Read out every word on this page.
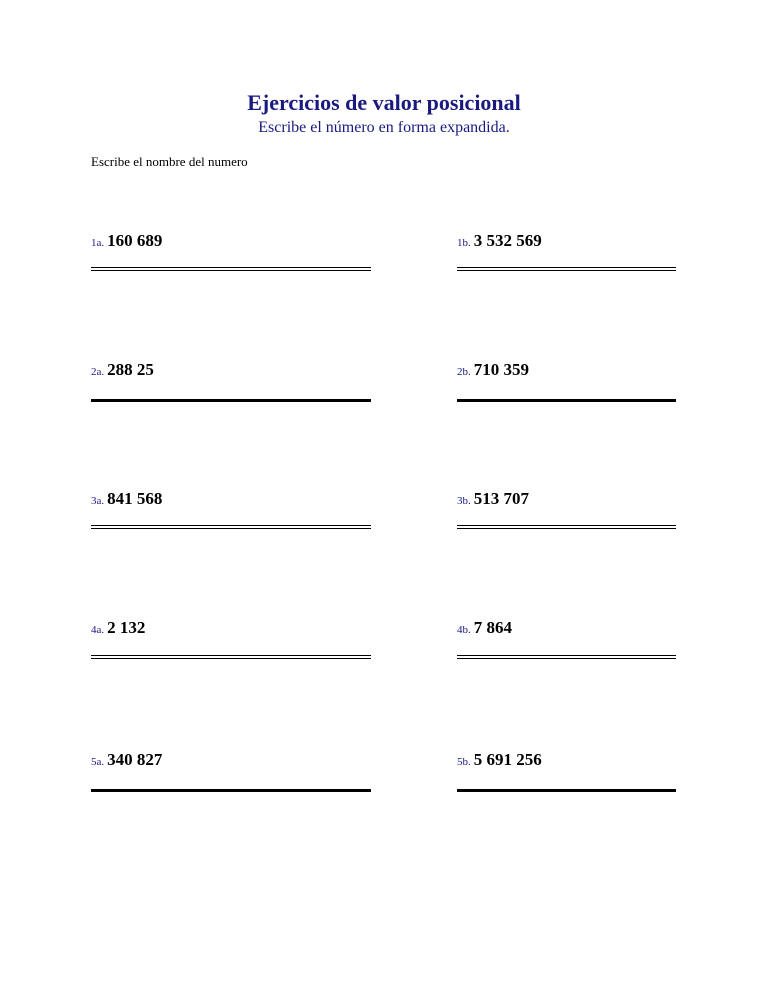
Ejercicios de valor posicional
Escribe el número en forma expandida.
Escribe el nombre del numero
1a. 160 689	1b. 3 532 569
2a. 288 25	2b. 710 359
3a. 841 568	3b. 513 707
4a. 2 132	4b. 7 864
5a. 340 827	5b. 5 691 256
